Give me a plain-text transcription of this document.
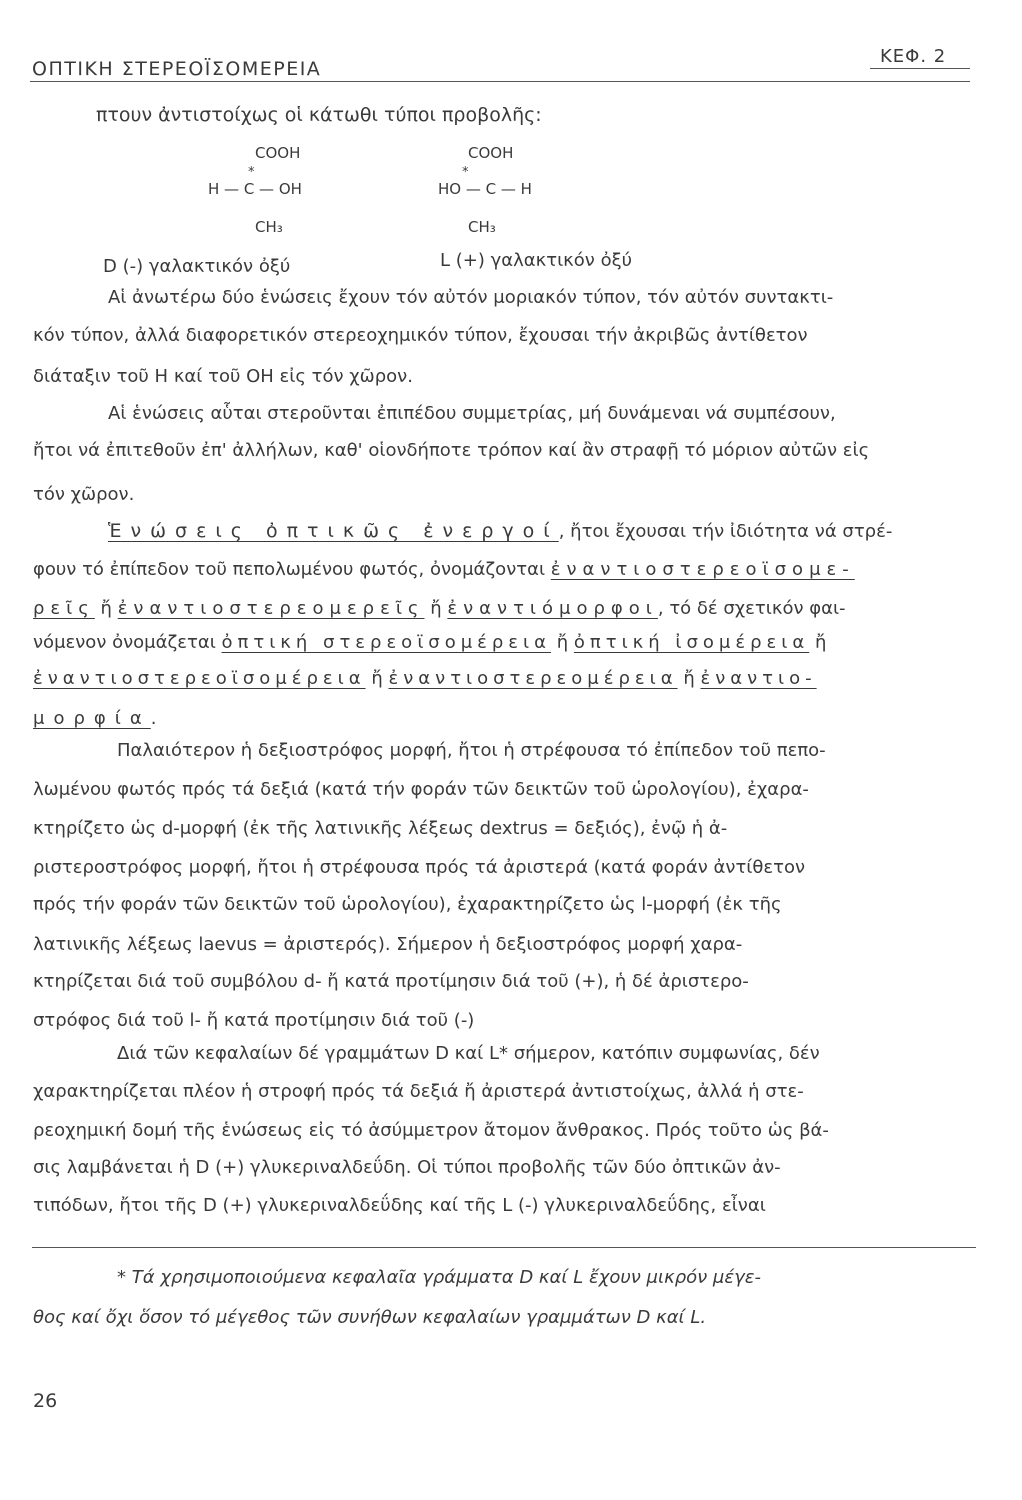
ΟΠΤΙΚΗ ΣΤΕΡΕΟΪΣΟΜΕΡΕΙΑ
ΚΕΦ. 2
πτουν ἀντιστοίχως οἱ κάτωθι τύποι προβολῆς:
COOH
*
H — C — OH
CH₃
D (-) γαλακτικόν ὀξύ
COOH
*
HO — C — H
CH₃
L (+) γαλακτικόν ὀξύ
Αἱ ἀνωτέρω δύο ἑνώσεις ἔχουν τόν αὐτόν μοριακόν τύπον, τόν αὐτόν συντακτι-
κόν τύπον, ἀλλά διαφορετικόν στερεοχημικόν τύπον, ἔχουσαι τήν ἀκριβῶς ἀντίθετον
διάταξιν τοῦ H καί τοῦ OH εἰς τόν χῶρον.
Αἱ ἑνώσεις αὗται στεροῦνται ἐπιπέδου συμμετρίας, μή δυνάμεναι νά συμπέσουν,
ἤτοι νά ἐπιτεθοῦν ἐπ' ἀλλήλων, καθ' οἱονδήποτε τρόπον καί ἂν στραφῇ τό μόριον αὐτῶν εἰς
τόν χῶρον.
Ἑνώσεις ὀπτικῶς ἐνεργοί, ἤτοι ἔχουσαι τήν ἰδιότητα νά στρέ-
φουν τό ἐπίπεδον τοῦ πεπολωμένου φωτός, ὀνομάζονται ἐναντιοστερεοϊσομε-
ρεῖς ἤ ἐναντιοστερεομερεῖς ἤ ἐναντιόμορφοι, τό δέ σχετικόν φαι-
νόμενον ὀνομάζεται ὀπτική στερεοϊσομέρεια ἤ ὀπτική ἰσομέρεια ἤ
ἐναντιοστερεοϊσομέρεια ἤ ἐναντιοστερεομέρεια ἤ ἐναντιο-
μορφία.
Παλαιότερον ἡ δεξιοστρόφος μορφή, ἤτοι ἡ στρέφουσα τό ἐπίπεδον τοῦ πεπο-
λωμένου φωτός πρός τά δεξιά (κατά τήν φοράν τῶν δεικτῶν τοῦ ὡρολογίου), ἐχαρα-
κτηρίζετο ὡς d-μορφή (ἐκ τῆς λατινικῆς λέξεως dextrus = δεξιός), ἐνῷ ἡ ἀ-
ριστεροστρόφος μορφή, ἤτοι ἡ στρέφουσα πρός τά ἀριστερά (κατά φοράν ἀντίθετον
πρός τήν φοράν τῶν δεικτῶν τοῦ ὡρολογίου), ἐχαρακτηρίζετο ὡς l-μορφή (ἐκ τῆς
λατινικῆς λέξεως laevus = ἀριστερός). Σήμερον ἡ δεξιοστρόφος μορφή χαρα-
κτηρίζεται διά τοῦ συμβόλου d- ἤ κατά προτίμησιν διά τοῦ (+), ἡ δέ ἀριστερο-
στρόφος διά τοῦ l- ἤ κατά προτίμησιν διά τοῦ (-)
Διά τῶν κεφαλαίων δέ γραμμάτων D καί L* σήμερον, κατόπιν συμφωνίας, δέν
χαρακτηρίζεται πλέον ἡ στροφή πρός τά δεξιά ἤ ἀριστερά ἀντιστοίχως, ἀλλά ἡ στε-
ρεοχημική δομή τῆς ἑνώσεως εἰς τό ἀσύμμετρον ἄτομον ἄνθρακος. Πρός τοῦτο ὡς βά-
σις λαμβάνεται ἡ D (+) γλυκεριναλδεΰδη. Οἱ τύποι προβολῆς τῶν δύο ὀπτικῶν ἀν-
τιπόδων, ἤτοι τῆς D (+) γλυκεριναλδεΰδης καί τῆς L (-) γλυκεριναλδεΰδης, εἶναι
* Τά χρησιμοποιούμενα κεφαλαῖα γράμματα D καί L ἔχουν μικρόν μέγε-
θος καί ὄχι ὅσον τό μέγεθος τῶν συνήθων κεφαλαίων γραμμάτων D καί L.
26
